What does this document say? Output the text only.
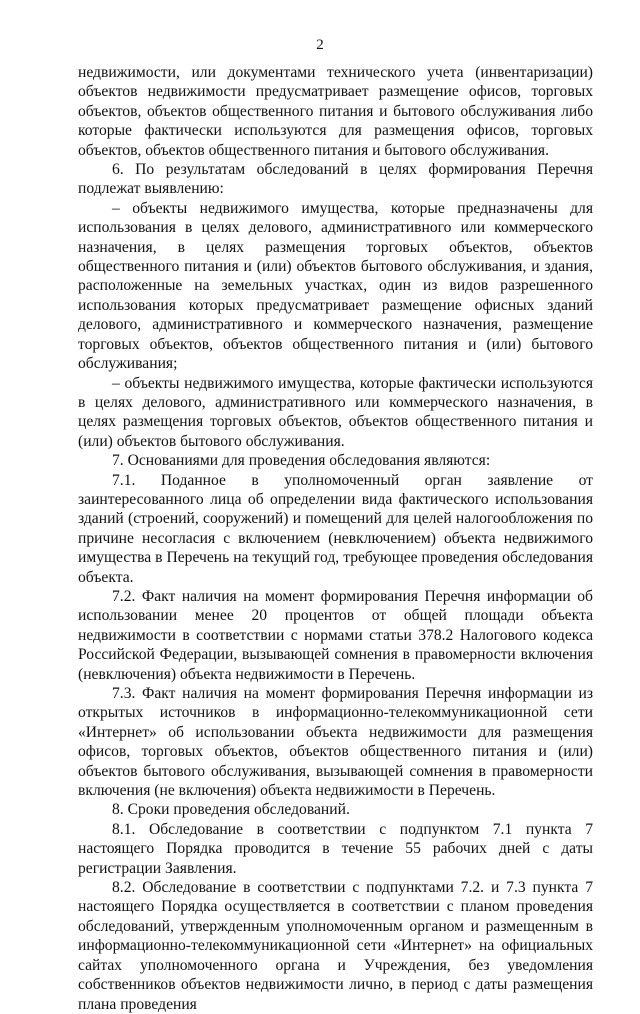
2

недвижимости, или документами технического учета (инвентаризации) объектов недвижимости предусматривает размещение офисов, торговых объектов, объектов общественного питания и бытового обслуживания либо которые фактически используются для размещения офисов, торговых объектов, объектов общественного питания и бытового обслуживания.

6. По результатам обследований в целях формирования Перечня подлежат выявлению:

– объекты недвижимого имущества, которые предназначены для использования в целях делового, административного или коммерческого назначения, в целях размещения торговых объектов, объектов общественного питания и (или) объектов бытового обслуживания, и здания, расположенные на земельных участках, один из видов разрешенного использования которых предусматривает размещение офисных зданий делового, административного и коммерческого назначения, размещение торговых объектов, объектов общественного питания и (или) бытового обслуживания;

– объекты недвижимого имущества, которые фактически используются в целях делового, административного или коммерческого назначения, в целях размещения торговых объектов, объектов общественного питания и (или) объектов бытового обслуживания.

7. Основаниями для проведения обследования являются:

7.1. Поданное в уполномоченный орган заявление от заинтересованного лица об определении вида фактического использования зданий (строений, сооружений) и помещений для целей налогообложения по причине несогласия с включением (невключением) объекта недвижимого имущества в Перечень на текущий год, требующее проведения обследования объекта.

7.2. Факт наличия на момент формирования Перечня информации об использовании менее 20 процентов от общей площади объекта недвижимости в соответствии с нормами статьи 378.2 Налогового кодекса Российской Федерации, вызывающей сомнения в правомерности включения (невключения) объекта недвижимости в Перечень.

7.3. Факт наличия на момент формирования Перечня информации из открытых источников в информационно-телекоммуникационной сети «Интернет» об использовании объекта недвижимости для размещения офисов, торговых объектов, объектов общественного питания и (или) объектов бытового обслуживания, вызывающей сомнения в правомерности включения (не включения) объекта недвижимости в Перечень.

8. Сроки проведения обследований.

8.1. Обследование в соответствии с подпунктом 7.1 пункта 7 настоящего Порядка проводится в течение 55 рабочих дней с даты регистрации Заявления.

8.2. Обследование в соответствии с подпунктами 7.2. и 7.3 пункта 7 настоящего Порядка осуществляется в соответствии с планом проведения обследований, утвержденным уполномоченным органом и размещенным в информационно-телекоммуникационной сети «Интернет» на официальных сайтах уполномоченного органа и Учреждения, без уведомления собственников объектов недвижимости лично, в период с даты размещения плана проведения
